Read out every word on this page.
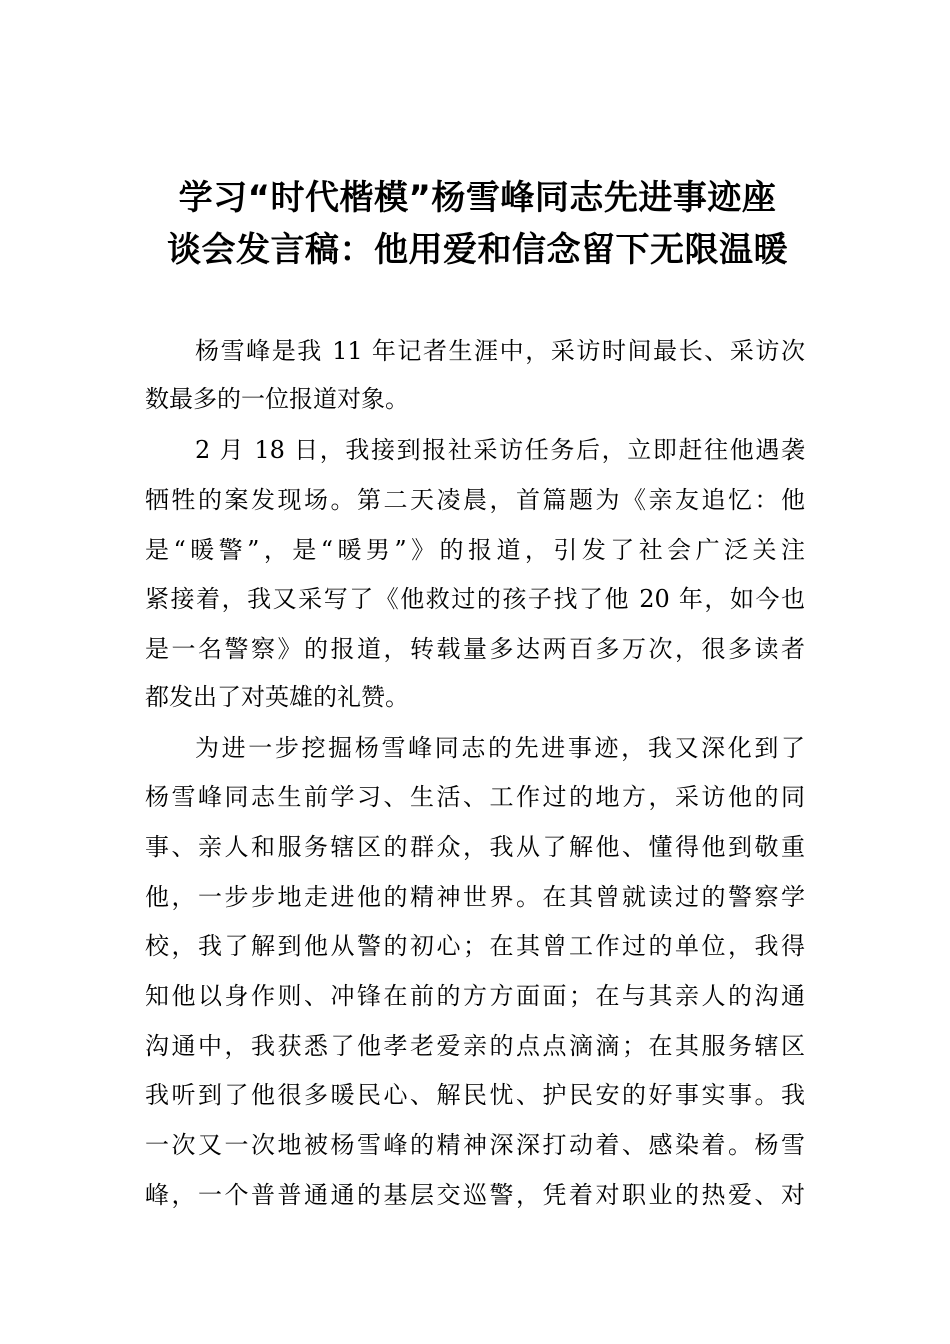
学习“时代楷模”杨雪峰同志先进事迹座
谈会发言稿：他用爱和信念留下无限温暖

杨雪峰是我 11 年记者生涯中，采访时间最长、采访次

数最多的一位报道对象。

2 月 18 日，我接到报社采访任务后，立即赶往他遇袭

牺牲的案发现场。第二天凌晨，首篇题为《亲友追忆：他

是“暖警”，是“暖男”》的报道，引发了社会广泛关注

紧接着，我又采写了《他救过的孩子找了他 20 年，如今也

是一名警察》的报道，转载量多达两百多万次，很多读者

都发出了对英雄的礼赞。

为进一步挖掘杨雪峰同志的先进事迹，我又深化到了

杨雪峰同志生前学习、生活、工作过的地方，采访他的同

事、亲人和服务辖区的群众，我从了解他、懂得他到敬重

他，一步步地走进他的精神世界。在其曾就读过的警察学

校，我了解到他从警的初心；在其曾工作过的单位，我得

知他以身作则、冲锋在前的方方面面；在与其亲人的沟通

沟通中，我获悉了他孝老爱亲的点点滴滴；在其服务辖区

我听到了他很多暖民心、解民忧、护民安的好事实事。我

一次又一次地被杨雪峰的精神深深打动着、感染着。杨雪

峰，一个普普通通的基层交巡警，凭着对职业的热爱、对
